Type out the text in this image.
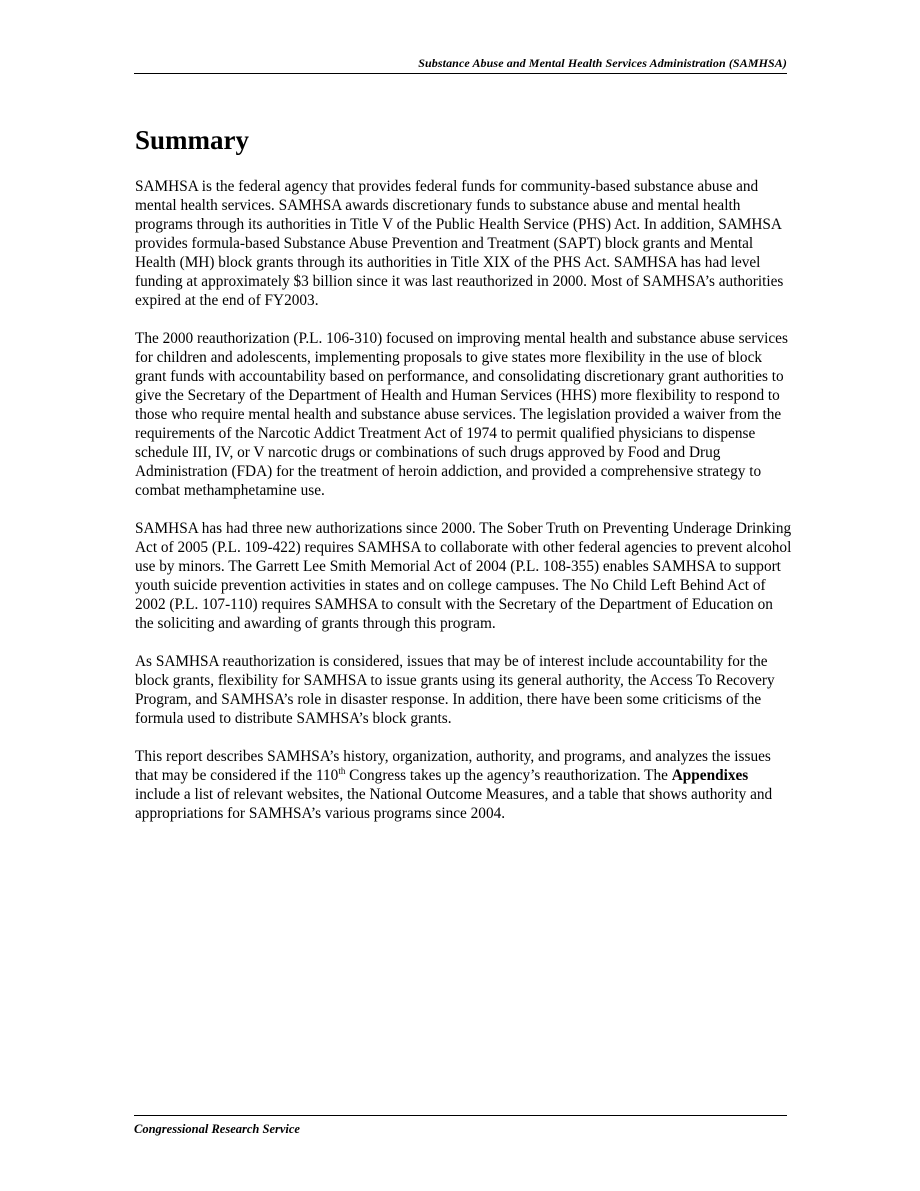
Substance Abuse and Mental Health Services Administration (SAMHSA)
Summary

SAMHSA is the federal agency that provides federal funds for community-based substance abuse and mental health services. SAMHSA awards discretionary funds to substance abuse and mental health programs through its authorities in Title V of the Public Health Service (PHS) Act. In addition, SAMHSA provides formula-based Substance Abuse Prevention and Treatment (SAPT) block grants and Mental Health (MH) block grants through its authorities in Title XIX of the PHS Act. SAMHSA has had level funding at approximately $3 billion since it was last reauthorized in 2000. Most of SAMHSA’s authorities expired at the end of FY2003.

The 2000 reauthorization (P.L. 106-310) focused on improving mental health and substance abuse services for children and adolescents, implementing proposals to give states more flexibility in the use of block grant funds with accountability based on performance, and consolidating discretionary grant authorities to give the Secretary of the Department of Health and Human Services (HHS) more flexibility to respond to those who require mental health and substance abuse services. The legislation provided a waiver from the requirements of the Narcotic Addict Treatment Act of 1974 to permit qualified physicians to dispense schedule III, IV, or V narcotic drugs or combinations of such drugs approved by Food and Drug Administration (FDA) for the treatment of heroin addiction, and provided a comprehensive strategy to combat methamphetamine use.

SAMHSA has had three new authorizations since 2000. The Sober Truth on Preventing Underage Drinking Act of 2005 (P.L. 109-422) requires SAMHSA to collaborate with other federal agencies to prevent alcohol use by minors. The Garrett Lee Smith Memorial Act of 2004 (P.L. 108-355) enables SAMHSA to support youth suicide prevention activities in states and on college campuses. The No Child Left Behind Act of 2002 (P.L. 107-110) requires SAMHSA to consult with the Secretary of the Department of Education on the soliciting and awarding of grants through this program.

As SAMHSA reauthorization is considered, issues that may be of interest include accountability for the block grants, flexibility for SAMHSA to issue grants using its general authority, the Access To Recovery Program, and SAMHSA’s role in disaster response. In addition, there have been some criticisms of the formula used to distribute SAMHSA’s block grants.

This report describes SAMHSA’s history, organization, authority, and programs, and analyzes the issues that may be considered if the 110th Congress takes up the agency’s reauthorization. The Appendixes include a list of relevant websites, the National Outcome Measures, and a table that shows authority and appropriations for SAMHSA’s various programs since 2004.

Congressional Research Service
